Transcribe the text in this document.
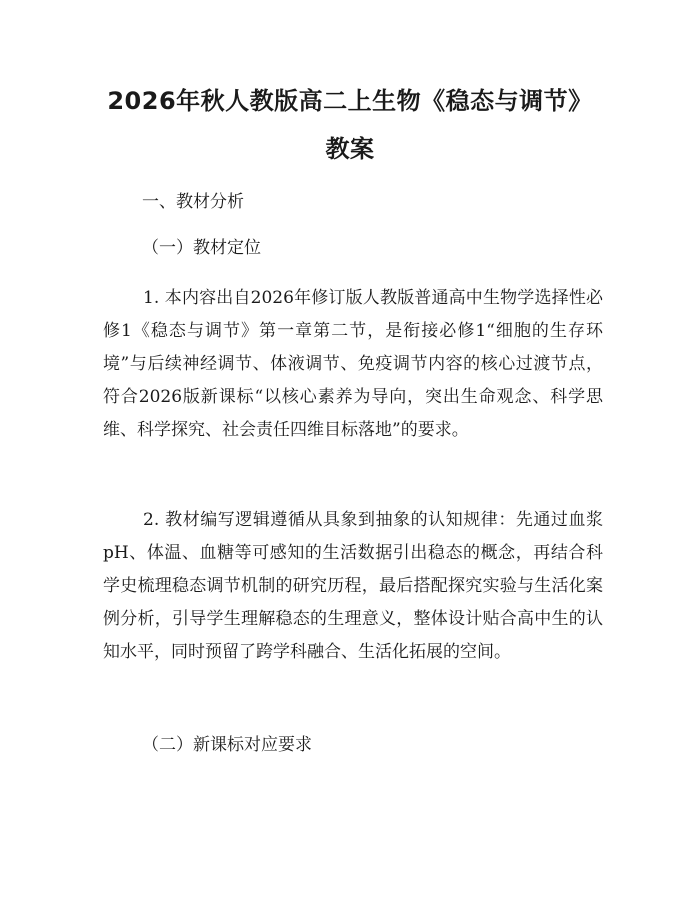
2026年秋人教版高二上生物《稳态与调节》
教案

一、教材分析

（一）教材定位

1. 本内容出自2026年修订版人教版普通高中生物学选择性必修1《稳态与调节》第一章第二节，是衔接必修1“细胞的生存环境”与后续神经调节、体液调节、免疫调节内容的核心过渡节点，符合2026版新课标“以核心素养为导向，突出生命观念、科学思维、科学探究、社会责任四维目标落地”的要求。

2. 教材编写逻辑遵循从具象到抽象的认知规律：先通过血浆pH、体温、血糖等可感知的生活数据引出稳态的概念，再结合科学史梳理稳态调节机制的研究历程，最后搭配探究实验与生活化案例分析，引导学生理解稳态的生理意义，整体设计贴合高中生的认知水平，同时预留了跨学科融合、生活化拓展的空间。

（二）新课标对应要求
